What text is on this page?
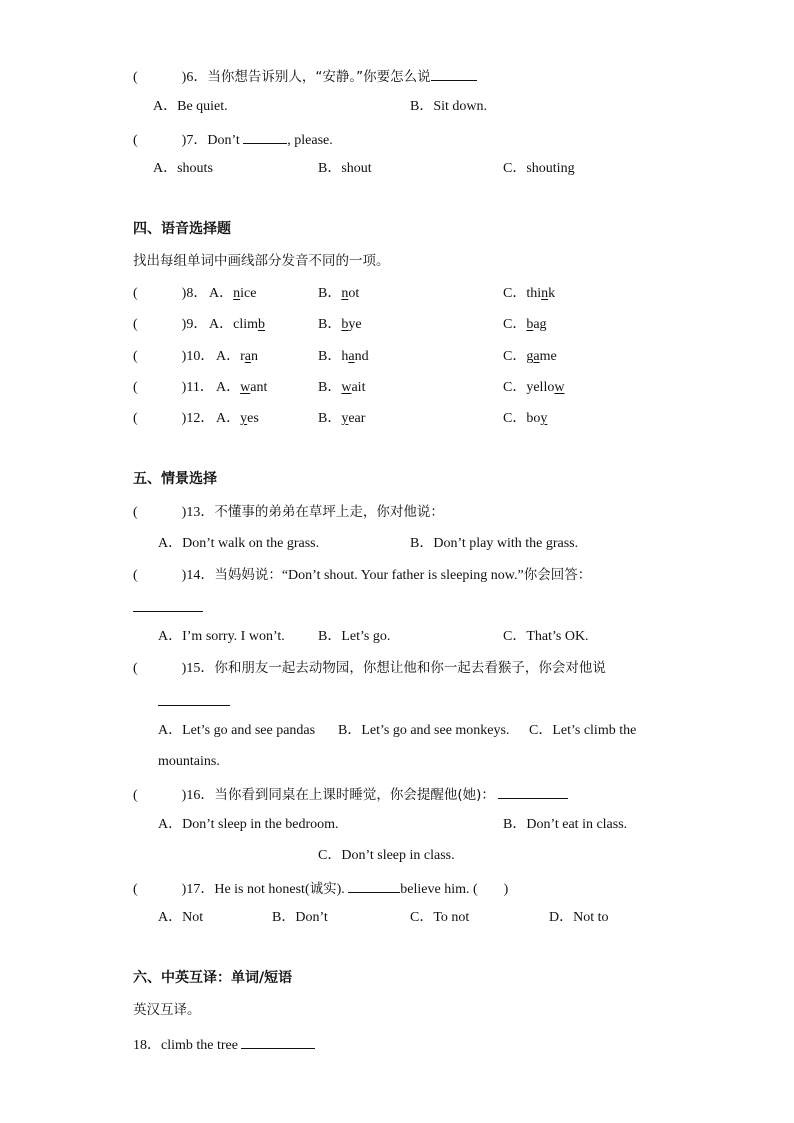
(	)6．当你想告诉别人，“安静。”你要怎么说
A．Be quiet.	B．Sit down.
(	)7．Don’t	, please.
A．shouts	B．shout	C．shouting
四、语音选择题
找出每组单词中画线部分发音不同的一项。
(	)8． A．nice	B．not	C．think
(	)9． A．climb	B．bye	C．bag
(	)10． A．ran	B．hand	C．game
(	)11． A．want	B．wait	C．yellow
(	)12． A．yes	B．year	C．boy
五、情景选择
(	)13．不懂事的弟弟在草坪上走，你对他说：
A．Don’t walk on the grass.	B．Don’t play with the grass.
(	)14．当妈妈说：“Don’t shout. Your father is sleeping now.”你会回答：
A．I’m sorry. I won’t. B．Let’s go.	C．That’s OK.
(	)15．你和朋友一起去动物园，你想让他和你一起去看猴子，你会对他说
A．Let’s go and see pandas B．Let’s go and see monkeys. C．Let’s climb the
mountains.
(	)16．当你看到同桌在上课时睡觉，你会提醒他(她)：
A．Don’t sleep in the bedroom.	B．Don’t eat in class.
C．Don’t sleep in class.
(	)17．He is not honest(诚实).	believe him. ( )
A．Not	B．Don’t	C．To not	D．Not to
六、中英互译：单词/短语
英汉互译。
18．climb the tree
